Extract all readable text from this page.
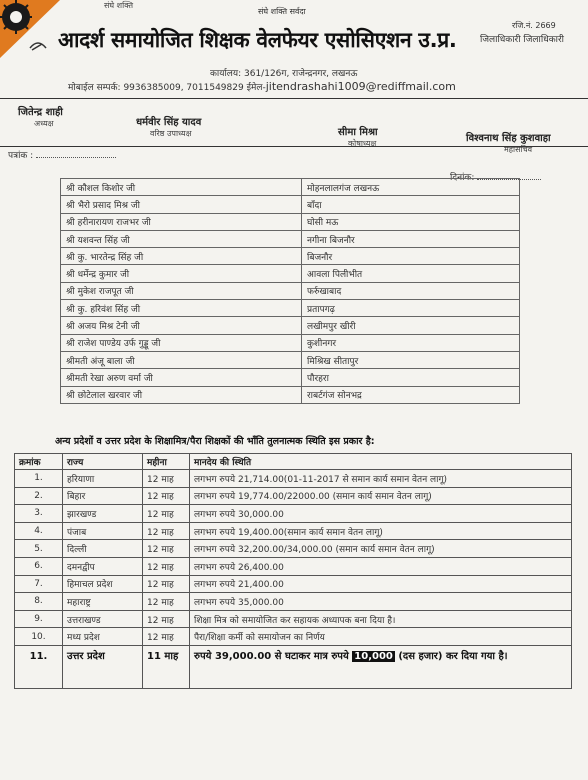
संघे शक्ति
संघे शक्ति सर्वदा
रजि.नं. 2669
जिलाधिकारी जिलाधिकारी
आदर्श समायोजित शिक्षक वेलफेयर एसोसिएशन उ.प्र.
कार्यालय: 361/126ग, राजेन्द्रनगर, लखनऊ
मोबाईल सम्पर्क: 9936385009, 7011549829 ईमेल-jitendrashahi1009@rediffmail.com
जितेन्द्र शाही
अध्यक्ष	धर्मवीर सिंह यादव
वरिष्ठ उपाध्यक्ष	सीमा मिश्रा
कोषाध्यक्ष	विश्वनाथ सिंह कुशवाहा
महासचिव
पत्रांक :
दिनांक:
श्री कौशल किशोर जी	मोहनलालगंज लखनऊ
श्री भैरो प्रसाद मिश्र जी	बाँदा
श्री हरीनारायण राजभर जी	घोसी मऊ
श्री यशवन्त सिंह जी	नगीना बिजनौर
श्री कु. भारतेन्द्र सिंह जी	बिजनौर
श्री धर्मेन्द्र कुमार जी	आवला पिलीभीत
श्री मुकेश राजपूत जी	फर्रुखाबाद
श्री कु. हरिवंश सिंह जी	प्रतापगढ़
श्री अजय मिश्र टेनी जी	लखीमपुर खीरी
श्री राजेश पाण्डेय उर्फ गुड्डू जी	कुशीनगर
श्रीमती अंजू बाला जी	मिश्रिख सीतापुर
श्रीमती रेखा अरुण वर्मा जी	पौरहरा
श्री छोटेलाल खरवार जी	राबर्टगंज सोनभद्र
अन्य प्रदेशों व उत्तर प्रदेश के शिक्षामित्र/पैरा शिक्षकों की भाँति तुलनात्मक स्थिति इस प्रकार है:
क्रमांक	राज्य	महीना	मानदेय की स्थिति
1.	हरियाणा	12 माह	लगभग रुपये 21,714.00(01-11-2017 से समान कार्य समान वेतन लागू)
2.	बिहार	12 माह	लगभग रुपये 19,774.00/22000.00 (समान कार्य समान वेतन लागू)
3.	झारखण्ड	12 माह	लगभग रुपये 30,000.00
4.	पंजाब	12 माह	लगभग रुपये 19,400.00(समान कार्य समान वेतन लागू)
5.	दिल्ली	12 माह	लगभग रुपये 32,200.00/34,000.00 (समान कार्य समान वेतन लागू)
6.	दमनद्वीप	12 माह	लगभग रुपये 26,400.00
7.	हिमाचल प्रदेश	12 माह	लगभग रुपये 21,400.00
8.	महाराष्ट्र	12 माह	लगभग रुपये 35,000.00
9.	उत्तराखण्ड	12 माह	शिक्षा मित्र को समायोजित कर सहायक अध्यापक बना दिया है।
10.	मध्य प्रदेश	12 माह	पैरा/शिक्षा कर्मी को समायोजन का निर्णय
11.	उत्तर प्रदेश	11 माह	रुपये 39,000.00 से घटाकर मात्र रुपये 10,000 (दस हजार) कर दिया गया है।
